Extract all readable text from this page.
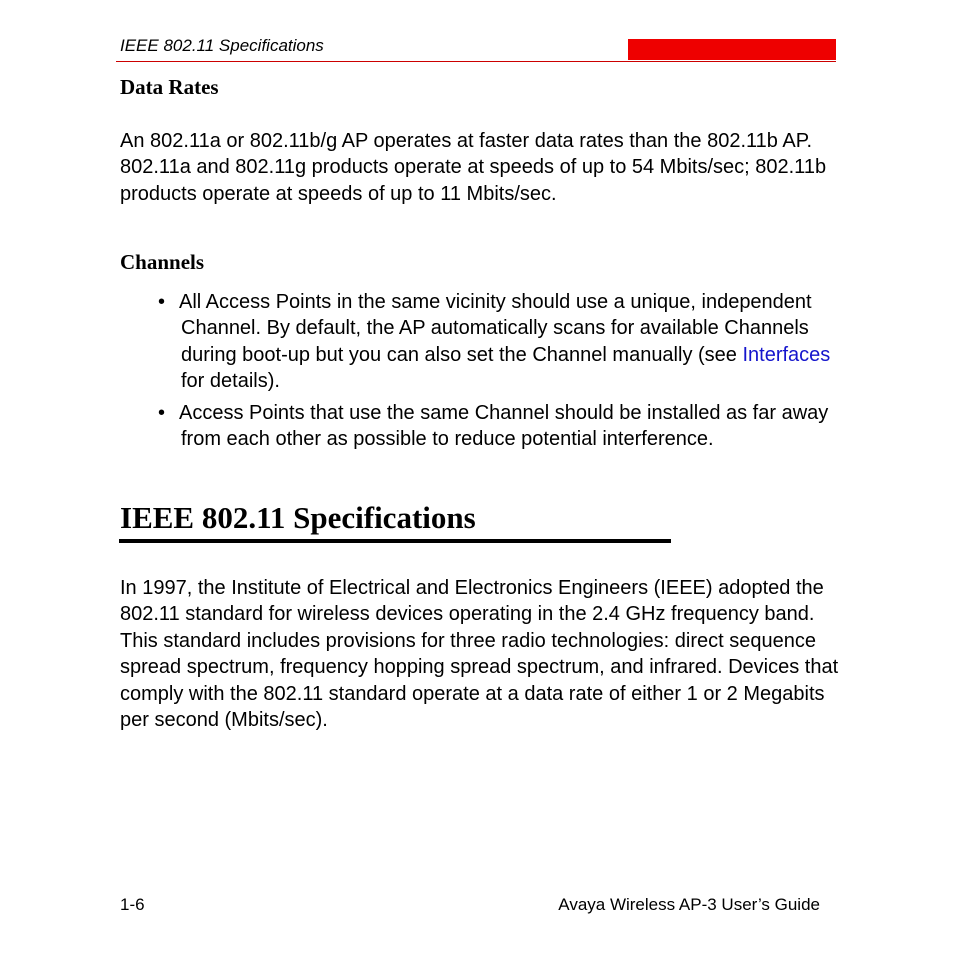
IEEE 802.11 Specifications
Data Rates

An 802.11a or 802.11b/g AP operates at faster data rates than the 802.11b AP. 802.11a and 802.11g products operate at speeds of up to 54 Mbits/sec; 802.11b products operate at speeds of up to 11 Mbits/sec.

Channels
• All Access Points in the same vicinity should use a unique, independent Channel. By default, the AP automatically scans for available Channels during boot-up but you can also set the Channel manually (see Interfaces for details).
• Access Points that use the same Channel should be installed as far away from each other as possible to reduce potential interference.
IEEE 802.11 Specifications

In 1997, the Institute of Electrical and Electronics Engineers (IEEE) adopted the 802.11 standard for wireless devices operating in the 2.4 GHz frequency band. This standard includes provisions for three radio technologies: direct sequence spread spectrum, frequency hopping spread spectrum, and infrared. Devices that comply with the 802.11 standard operate at a data rate of either 1 or 2 Megabits per second (Mbits/sec).

1-6	Avaya Wireless AP-3 User’s Guide
